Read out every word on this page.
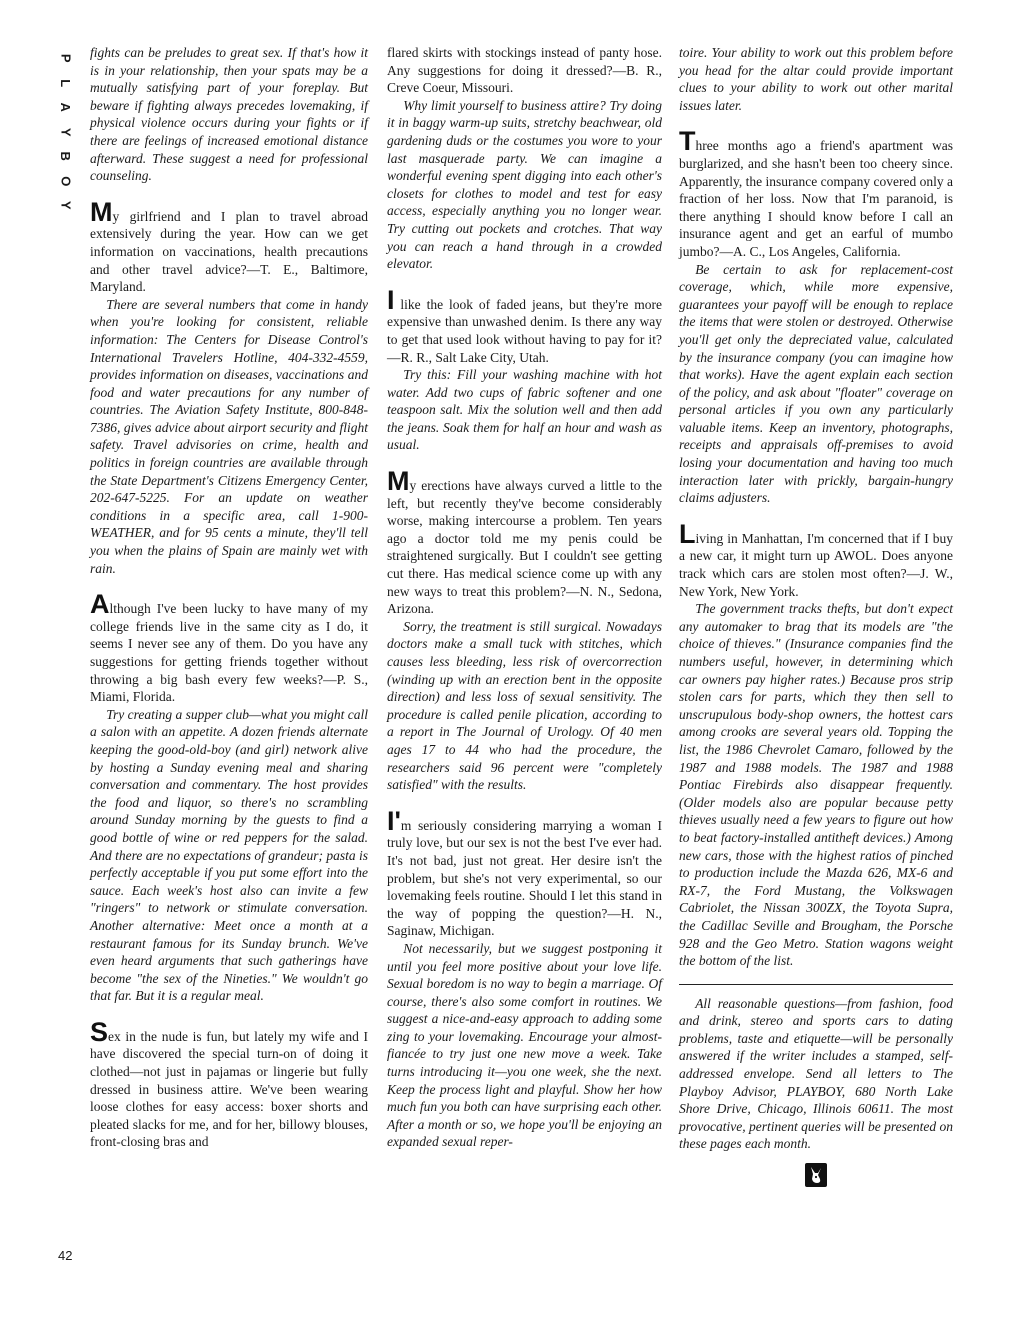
P
L
A
Y
B
O
Y
42

fights can be preludes to great sex. If that's how it is in your relationship, then your spats may be a mutually satisfying part of your foreplay. But beware if fighting always precedes lovemaking, if physical violence occurs during your fights or if there are feelings of increased emotional distance afterward. These suggest a need for professional counseling.

My girlfriend and I plan to travel abroad extensively during the year. How can we get information on vaccinations, health precautions and other travel advice?—T. E., Baltimore, Maryland.

There are several numbers that come in handy when you're looking for consistent, reliable information: The Centers for Disease Control's International Travelers Hotline, 404-332-4559, provides information on diseases, vaccinations and food and water precautions for any number of countries. The Aviation Safety Institute, 800-848-7386, gives advice about airport security and flight safety. Travel advisories on crime, health and politics in foreign countries are available through the State Department's Citizens Emergency Center, 202-647-5225. For an update on weather conditions in a specific area, call 1-900-WEATHER, and for 95 cents a minute, they'll tell you when the plains of Spain are mainly wet with rain.

Although I've been lucky to have many of my college friends live in the same city as I do, it seems I never see any of them. Do you have any suggestions for getting friends together without throwing a big bash every few weeks?—P. S., Miami, Florida.

Try creating a supper club—what you might call a salon with an appetite. A dozen friends alternate keeping the good-old-boy (and girl) network alive by hosting a Sunday evening meal and sharing conversation and commentary. The host provides the food and liquor, so there's no scrambling around Sunday morning by the guests to find a good bottle of wine or red peppers for the salad. And there are no expectations of grandeur; pasta is perfectly acceptable if you put some effort into the sauce. Each week's host also can invite a few "ringers" to network or stimulate conversation. Another alternative: Meet once a month at a restaurant famous for its Sunday brunch. We've even heard arguments that such gatherings have become "the sex of the Nineties." We wouldn't go that far. But it is a regular meal.

Sex in the nude is fun, but lately my wife and I have discovered the special turn-on of doing it clothed—not just in pajamas or lingerie but fully dressed in business attire. We've been wearing loose clothes for easy access: boxer shorts and pleated slacks for me, and for her, billowy blouses, front-closing bras and

flared skirts with stockings instead of panty hose. Any suggestions for doing it dressed?—B. R., Creve Coeur, Missouri.

Why limit yourself to business attire? Try doing it in baggy warm-up suits, stretchy beachwear, old gardening duds or the costumes you wore to your last masquerade party. We can imagine a wonderful evening spent digging into each other's closets for clothes to model and test for easy access, especially anything you no longer wear. Try cutting out pockets and crotches. That way you can reach a hand through in a crowded elevator.

I like the look of faded jeans, but they're more expensive than unwashed denim. Is there any way to get that used look without having to pay for it?—R. R., Salt Lake City, Utah.

Try this: Fill your washing machine with hot water. Add two cups of fabric softener and one teaspoon salt. Mix the solution well and then add the jeans. Soak them for half an hour and wash as usual.

My erections have always curved a little to the left, but recently they've become considerably worse, making intercourse a problem. Ten years ago a doctor told me my penis could be straightened surgically. But I couldn't see getting cut there. Has medical science come up with any new ways to treat this problem?—N. N., Sedona, Arizona.

Sorry, the treatment is still surgical. Nowadays doctors make a small tuck with stitches, which causes less bleeding, less risk of overcorrection (winding up with an erection bent in the opposite direction) and less loss of sexual sensitivity. The procedure is called penile plication, according to a report in The Journal of Urology. Of 40 men ages 17 to 44 who had the procedure, the researchers said 96 percent were "completely satisfied" with the results.

I'm seriously considering marrying a woman I truly love, but our sex is not the best I've ever had. It's not bad, just not great. Her desire isn't the problem, but she's not very experimental, so our lovemaking feels routine. Should I let this stand in the way of popping the question?—H. N., Saginaw, Michigan.

Not necessarily, but we suggest postponing it until you feel more positive about your love life. Sexual boredom is no way to begin a marriage. Of course, there's also some comfort in routines. We suggest a nice-and-easy approach to adding some zing to your lovemaking. Encourage your almost-fiancée to try just one new move a week. Take turns introducing it—you one week, she the next. Keep the process light and playful. Show her how much fun you both can have surprising each other. After a month or so, we hope you'll be enjoying an expanded sexual reper-

toire. Your ability to work out this problem before you head for the altar could provide important clues to your ability to work out other marital issues later.

Three months ago a friend's apartment was burglarized, and she hasn't been too cheery since. Apparently, the insurance company covered only a fraction of her loss. Now that I'm paranoid, is there anything I should know before I call an insurance agent and get an earful of mumbo jumbo?—A. C., Los Angeles, California.

Be certain to ask for replacement-cost coverage, which, while more expensive, guarantees your payoff will be enough to replace the items that were stolen or destroyed. Otherwise you'll get only the depreciated value, calculated by the insurance company (you can imagine how that works). Have the agent explain each section of the policy, and ask about "floater" coverage on personal articles if you own any particularly valuable items. Keep an inventory, photographs, receipts and appraisals off-premises to avoid losing your documentation and having too much interaction later with prickly, bargain-hungry claims adjusters.

Living in Manhattan, I'm concerned that if I buy a new car, it might turn up AWOL. Does anyone track which cars are stolen most often?—J. W., New York, New York.

The government tracks thefts, but don't expect any automaker to brag that its models are "the choice of thieves." (Insurance companies find the numbers useful, however, in determining which car owners pay higher rates.) Because pros strip stolen cars for parts, which they then sell to unscrupulous body-shop owners, the hottest cars among crooks are several years old. Topping the list, the 1986 Chevrolet Camaro, followed by the 1987 and 1988 models. The 1987 and 1988 Pontiac Firebirds also disappear frequently. (Older models also are popular because petty thieves usually need a few years to figure out how to beat factory-installed antitheft devices.) Among new cars, those with the highest ratios of pinched to production include the Mazda 626, MX-6 and RX-7, the Ford Mustang, the Volkswagen Cabriolet, the Nissan 300ZX, the Toyota Supra, the Cadillac Seville and Brougham, the Porsche 928 and the Geo Metro. Station wagons weight the bottom of the list.

All reasonable questions—from fashion, food and drink, stereo and sports cars to dating problems, taste and etiquette—will be personally answered if the writer includes a stamped, self-addressed envelope. Send all letters to The Playboy Advisor, PLAYBOY, 680 North Lake Shore Drive, Chicago, Illinois 60611. The most provocative, pertinent queries will be presented on these pages each month.
